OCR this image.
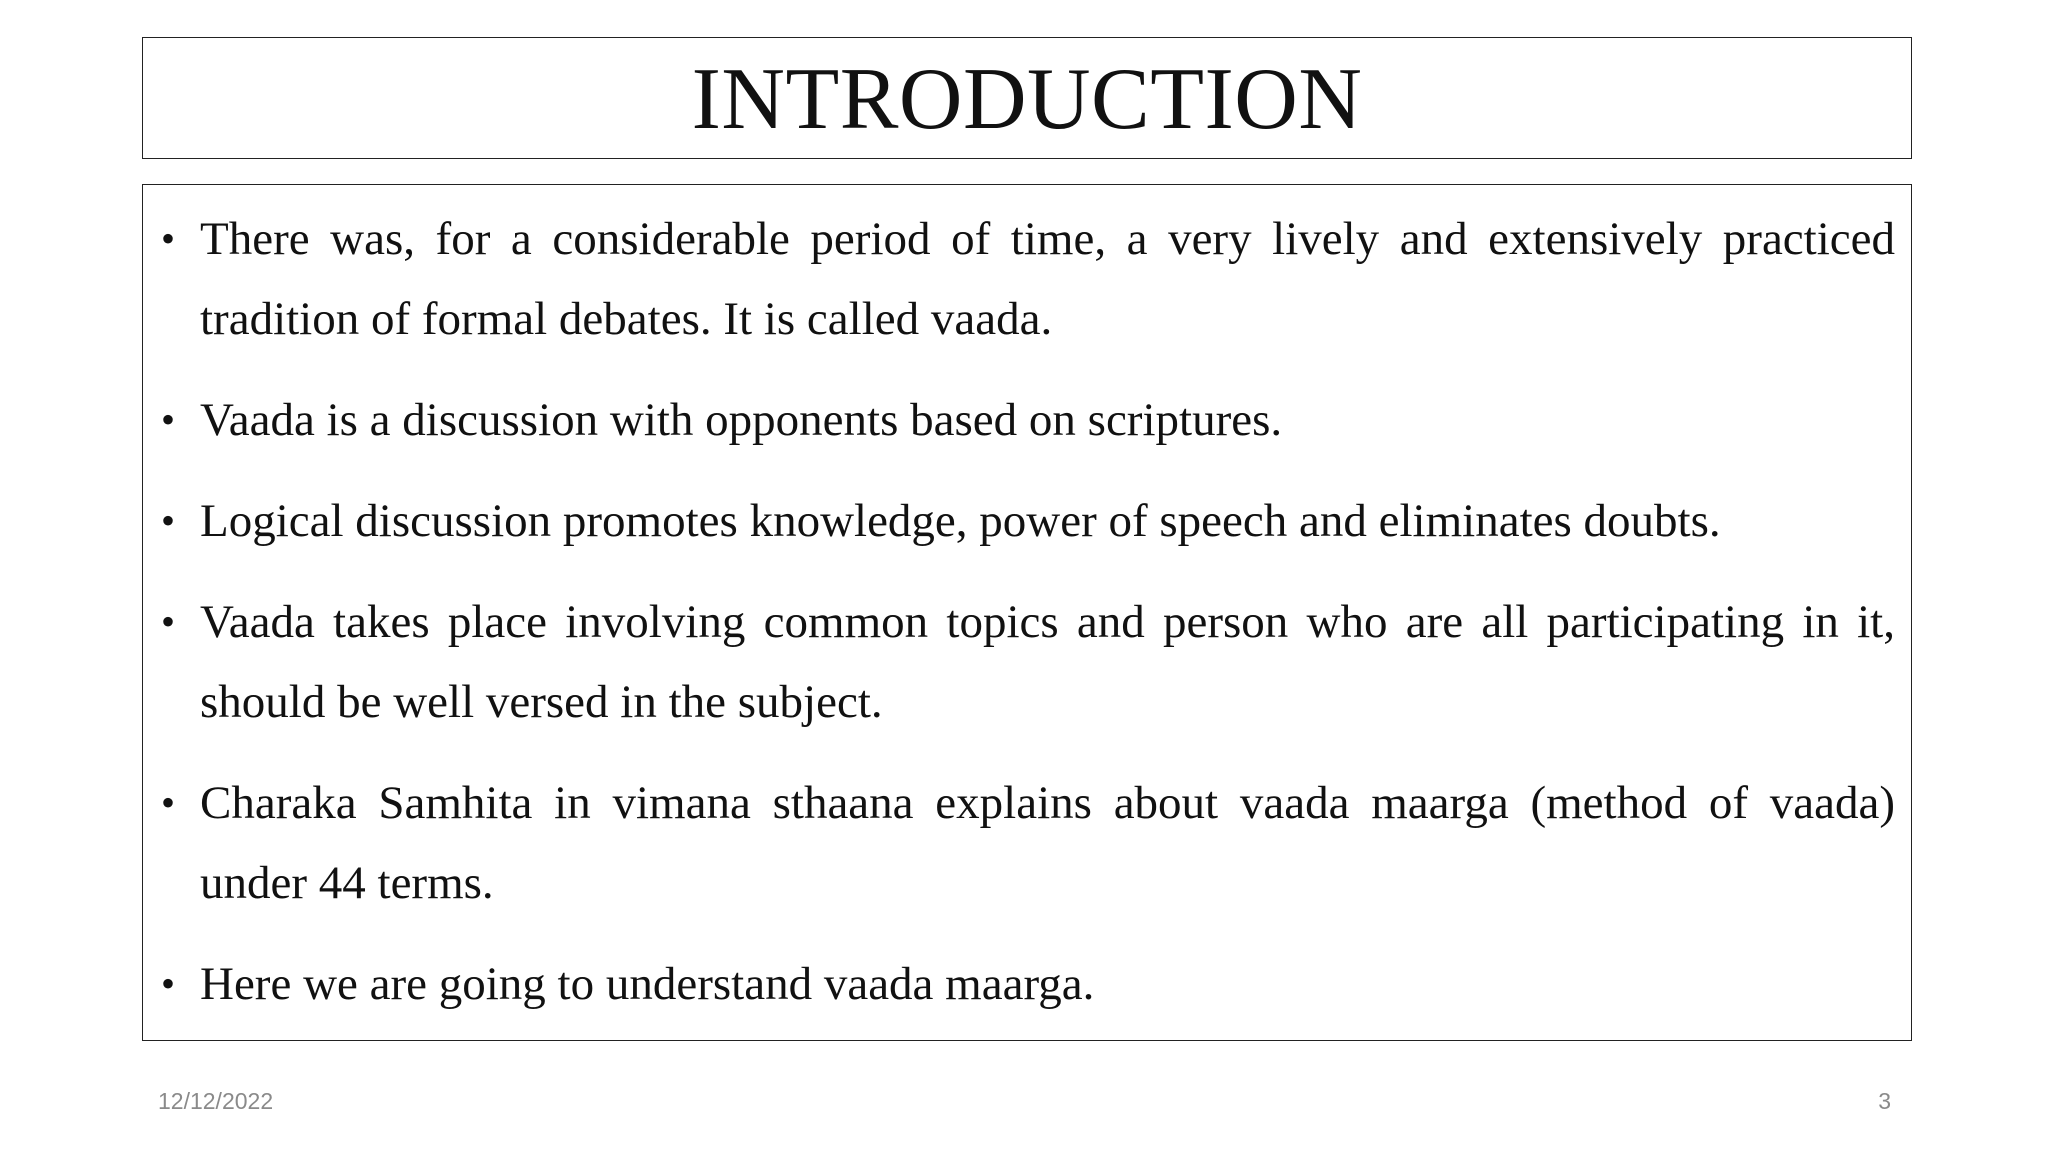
INTRODUCTION
• There was, for a considerable period of time, a very lively and extensively practiced tradition of formal debates. It is called vaada.
• Vaada is a discussion with opponents based on scriptures.
• Logical discussion promotes knowledge, power of speech and eliminates doubts.
• Vaada takes place involving common topics and person who are all participating in it, should be well versed in the subject.
• Charaka Samhita in vimana sthaana explains about vaada maarga (method of vaada) under 44 terms.
• Here we are going to understand vaada maarga.
12/12/2022	3
